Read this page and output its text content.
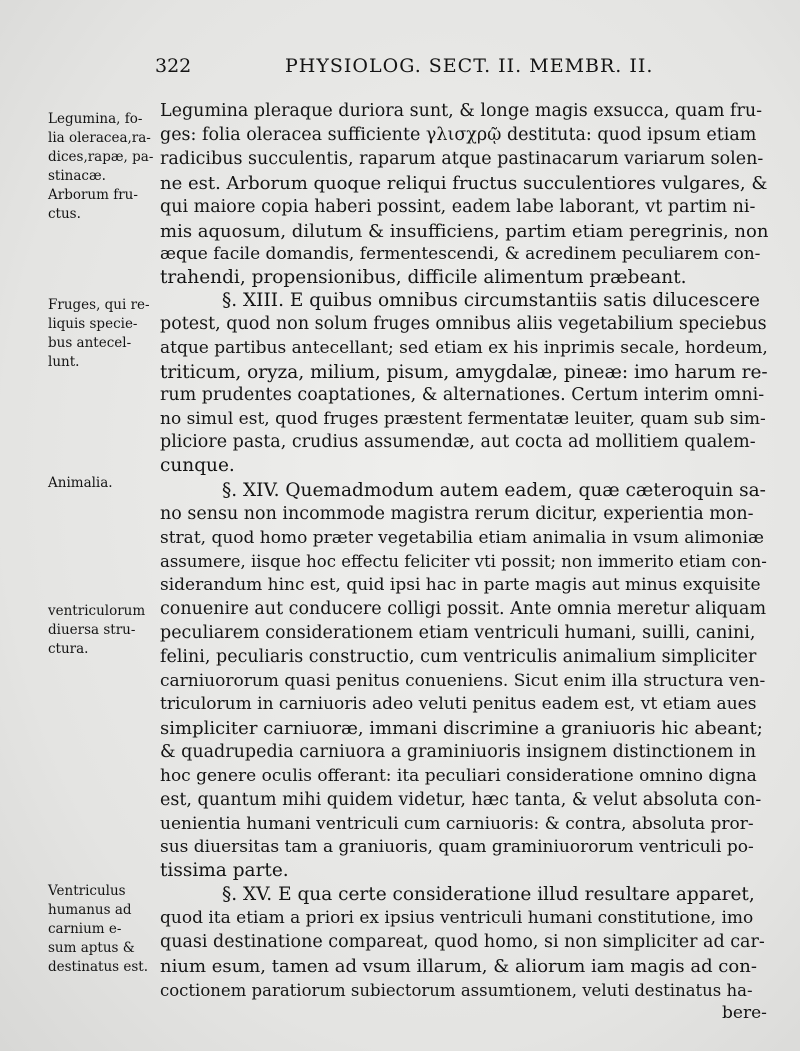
322	PHYSIOLOG. SECT. II. MEMBR. II.
Legumina, fo-
lia oleracea,ra-
dices,rapæ, pa-
stinacæ.
Arborum fru-
ctus.
Fruges, qui re-
liquis specie-
bus antecel-
lunt.
Animalia.
ventriculorum
diuersa stru-
ctura.
Ventriculus
humanus ad
carnium e-
sum aptus &
destinatus est.
Legumina pleraque duriora sunt, & longe magis exsucca, quam fru-
ges: folia oleracea sufficiente γλισχρῷ destituta: quod ipsum etiam
radicibus succulentis, raparum atque pastinacarum variarum solen-
ne est. Arborum quoque reliqui fructus succulentiores vulgares, &
qui maiore copia haberi possint, eadem labe laborant, vt partim ni-
mis aquosum, dilutum & insufficiens, partim etiam peregrinis, non
æque facile domandis, fermentescendi, & acredinem peculiarem con-
trahendi, propensionibus, difficile alimentum præbeant.
§. XIII. E quibus omnibus circumstantiis satis dilucescere
potest, quod non solum fruges omnibus aliis vegetabilium speciebus
atque partibus antecellant; sed etiam ex his inprimis secale, hordeum,
triticum, oryza, milium, pisum, amygdalæ, pineæ: imo harum re-
rum prudentes coaptationes, & alternationes. Certum interim omni-
no simul est, quod fruges præstent fermentatæ leuiter, quam sub sim-
pliciore pasta, crudius assumendæ, aut cocta ad mollitiem qualem-
cunque.
§. XIV. Quemadmodum autem eadem, quæ cæteroquin sa-
no sensu non incommode magistra rerum dicitur, experientia mon-
strat, quod homo præter vegetabilia etiam animalia in vsum alimoniæ
assumere, iisque hoc effectu feliciter vti possit; non immerito etiam con-
siderandum hinc est, quid ipsi hac in parte magis aut minus exquisite
conuenire aut conducere colligi possit. Ante omnia meretur aliquam
peculiarem considerationem etiam ventriculi humani, suilli, canini,
felini, peculiaris constructio, cum ventriculis animalium simpliciter
carniuororum quasi penitus conueniens. Sicut enim illa structura ven-
triculorum in carniuoris adeo veluti penitus eadem est, vt etiam aues
simpliciter carniuoræ, immani discrimine a graniuoris hic abeant;
& quadrupedia carniuora a graminiuoris insignem distinctionem in
hoc genere oculis offerant: ita peculiari consideratione omnino digna
est, quantum mihi quidem videtur, hæc tanta, & velut absoluta con-
uenientia humani ventriculi cum carniuoris: & contra, absoluta pror-
sus diuersitas tam a graniuoris, quam graminiuororum ventriculi po-
tissima parte.
§. XV. E qua certe consideratione illud resultare apparet,
quod ita etiam a priori ex ipsius ventriculi humani constitutione, imo
quasi destinatione compareat, quod homo, si non simpliciter ad car-
nium esum, tamen ad vsum illarum, & aliorum iam magis ad con-
coctionem paratiorum subiectorum assumtionem, veluti destinatus ha-
bere-
